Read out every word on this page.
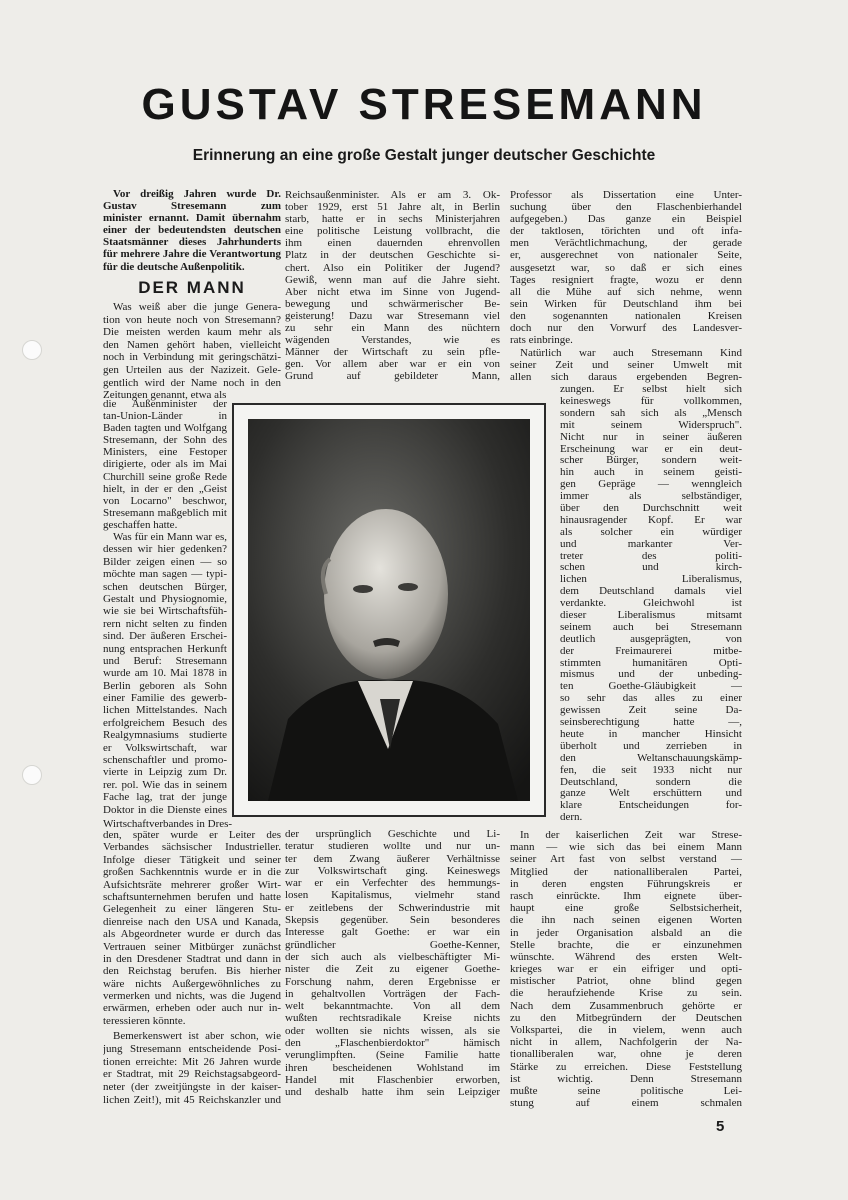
GUSTAV STRESEMANN
Erinnerung an eine große Gestalt junger deutscher Geschichte
Vor dreißig Jahren wurde Dr.
Gustav Stresemann zum
minister ernannt. Damit übernahm
einer der bedeutendsten deutschen
Staatsmänner dieses Jahrhunderts
für mehrere Jahre die Verantwortung
für die deutsche Außenpolitik.
DER MANN
Was weiß aber die junge Genera-
tion von heute noch von Stresemann?
Die meisten werden kaum mehr als
den Namen gehört haben, vielleicht
noch in Verbindung mit geringschätzi-
gen Urteilen aus der Nazizeit. Gele-
gentlich wird der Name noch in den
Zeitungen genannt, etwa als
die Außenminister der
tan-Union-Länder in
Baden tagten und Wolfgang
Stresemann, der Sohn des
Ministers, eine Festoper
dirigierte, oder als im Mai
Churchill seine große Rede
hielt, in der er den „Geist
von Locarno" beschwor,
Stresemann maßgeblich mit
geschaffen hatte.
Was für ein Mann war es,
dessen wir hier gedenken?
Bilder zeigen einen — so
möchte man sagen — typi-
schen deutschen Bürger,
Gestalt und Physiognomie,
wie sie bei Wirtschaftsfüh-
rern nicht selten zu finden
sind. Der äußeren Erschei-
nung entsprachen Herkunft
und Beruf: Stresemann
wurde am 10. Mai 1878 in
Berlin geboren als Sohn
einer Familie des gewerb-
lichen Mittelstandes. Nach
erfolgreichem Besuch des
Realgymnasiums studierte
er Volkswirtschaft, war
schenschaftler und promo-
vierte in Leipzig zum Dr.
rer. pol. Wie das in seinem
Fache lag, trat der junge
Doktor in die Dienste eines
Wirtschaftverbandes in Dres-
den, später wurde er Leiter des
Verbandes sächsischer Industrieller.
Infolge dieser Tätigkeit und seiner
großen Sachkenntnis wurde er in die
Aufsichtsräte mehrerer großer Wirt-
schaftsunternehmen berufen und hatte
Gelegenheit zu einer längeren Stu-
dienreise nach den USA und Kanada,
als Abgeordneter wurde er durch das
Vertrauen seiner Mitbürger zunächst
in den Dresdener Stadtrat und dann in
den Reichstag berufen. Bis hierher
wäre nichts Außergewöhnliches zu
vermerken und nichts, was die Jugend
erwärmen, erheben oder auch nur in-
teressieren könnte.
Bemerkenswert ist aber schon, wie
jung Stresemann entscheidende Posi-
tionen erreichte: Mit 26 Jahren wurde
er Stadtrat, mit 29 Reichstagsabgeord-
neter (der zweitjüngste in der kaiser-
lichen Zeit!), mit 45 Reichskanzler und
Reichsaußenminister. Als er am 3. Ok-
tober 1929, erst 51 Jahre alt, in Berlin
starb, hatte er in sechs Ministerjahren
eine politische Leistung vollbracht, die
ihm einen dauernden ehrenvollen
Platz in der deutschen Geschichte si-
chert. Also ein Politiker der Jugend?
Gewiß, wenn man auf die Jahre sieht.
Aber nicht etwa im Sinne von Jugend-
bewegung und schwärmerischer Be-
geisterung! Dazu war Stresemann viel
zu sehr ein Mann des nüchtern
wägenden Verstandes, wie es
Männer der Wirtschaft zu sein pfle-
gen. Vor allem aber war er ein von
Grund auf gebildeter Mann,
der ursprünglich Geschichte und Li-
teratur studieren wollte und nur un-
ter dem Zwang äußerer Verhältnisse
zur Volkswirtschaft ging. Keineswegs
war er ein Verfechter des hemmungs-
losen Kapitalismus, vielmehr stand
er zeitlebens der Schwerindustrie mit
Skepsis gegenüber. Sein besonderes
Interesse galt Goethe: er war ein
gründlicher Goethe-Kenner,
der sich auch als vielbeschäftigter Mi-
nister die Zeit zu eigener Goethe-
Forschung nahm, deren Ergebnisse er
in gehaltvollen Vorträgen der Fach-
welt bekanntmachte. Von all dem
wußten rechtsradikale Kreise nichts
oder wollten sie nichts wissen, als sie
den „Flaschenbierdoktor" hämisch
verunglimpften. (Seine Familie hatte
ihren bescheidenen Wohlstand im
Handel mit Flaschenbier erworben,
und deshalb hatte ihm sein Leipziger
Professor als Dissertation eine Unter-
suchung über den Flaschenbierhandel
aufgegeben.) Das ganze ein Beispiel
der taktlosen, törichten und oft infa-
men Verächtlichmachung, der gerade
er, ausgerechnet von nationaler Seite,
ausgesetzt war, so daß er sich eines
Tages resigniert fragte, wozu er denn
all die Mühe auf sich nehme, wenn
sein Wirken für Deutschland ihm bei
den sogenannten nationalen Kreisen
doch nur den Vorwurf des Landesver-
rats einbringe.
Natürlich war auch Stresemann Kind
seiner Zeit und seiner Umwelt mit
allen sich daraus ergebenden Begren-
zungen. Er selbst hielt sich
keineswegs für vollkommen,
sondern sah sich als „Mensch
mit seinem Widerspruch".
Nicht nur in seiner äußeren
Erscheinung war er ein deut-
scher Bürger, sondern weit-
hin auch in seinem geisti-
gen Gepräge — wenngleich
immer als selbständiger,
über den Durchschnitt weit
hinausragender Kopf. Er war
als solcher ein würdiger
und markanter Ver-
treter des politi-
schen und kirch-
lichen Liberalismus,
dem Deutschland damals viel
verdankte. Gleichwohl ist
dieser Liberalismus mitsamt
seinem auch bei Stresemann
deutlich ausgeprägten, von
der Freimaurerei mitbe-
stimmten humanitären Opti-
mismus und der unbeding-
ten Goethe-Gläubigkeit —
so sehr das alles zu einer
gewissen Zeit seine Da-
seinsberechtigung hatte —,
heute in mancher Hinsicht
überholt und zerrieben in
den Weltanschauungskämp-
fen, die seit 1933 nicht nur
Deutschland, sondern die
ganze Welt erschüttern und
klare Entscheidungen for-
dern.
In der kaiserlichen Zeit war Strese-
mann — wie sich das bei einem Mann
seiner Art fast von selbst verstand —
Mitglied der nationalliberalen Partei,
in deren engsten Führungskreis er
rasch einrückte. Ihm eignete über-
haupt eine große Selbstsicherheit,
die ihn nach seinen eigenen Worten
in jeder Organisation alsbald an die
Stelle brachte, die er einzunehmen
wünschte. Während des ersten Welt-
krieges war er ein eifriger und opti-
mistischer Patriot, ohne blind gegen
die heraufziehende Krise zu sein.
Nach dem Zusammenbruch gehörte er
zu den Mitbegründern der Deutschen
Volkspartei, die in vielem, wenn auch
nicht in allem, Nachfolgerin der Na-
tionalliberalen war, ohne je deren
Stärke zu erreichen. Diese Feststellung
ist wichtig. Denn Stresemann
mußte seine politische Lei-
stung auf einem schmalen
5
